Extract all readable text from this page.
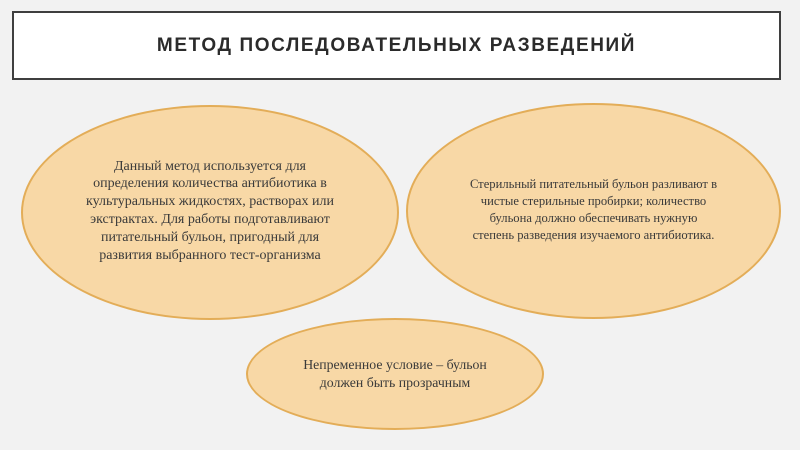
МЕТОД ПОСЛЕДОВАТЕЛЬНЫХ РАЗВЕДЕНИЙ

Данный метод используется для определения количества антибиотика в культуральных жидкостях, растворах или экстрактах. Для работы подготавливают питательный бульон, пригодный для развития выбранного тест-организма

Стерильный питательный бульон разливают в чистые стерильные пробирки; количество бульона должно обеспечивать нужную степень разведения изучаемого антибиотика.

Непременное условие – бульон должен быть прозрачным
